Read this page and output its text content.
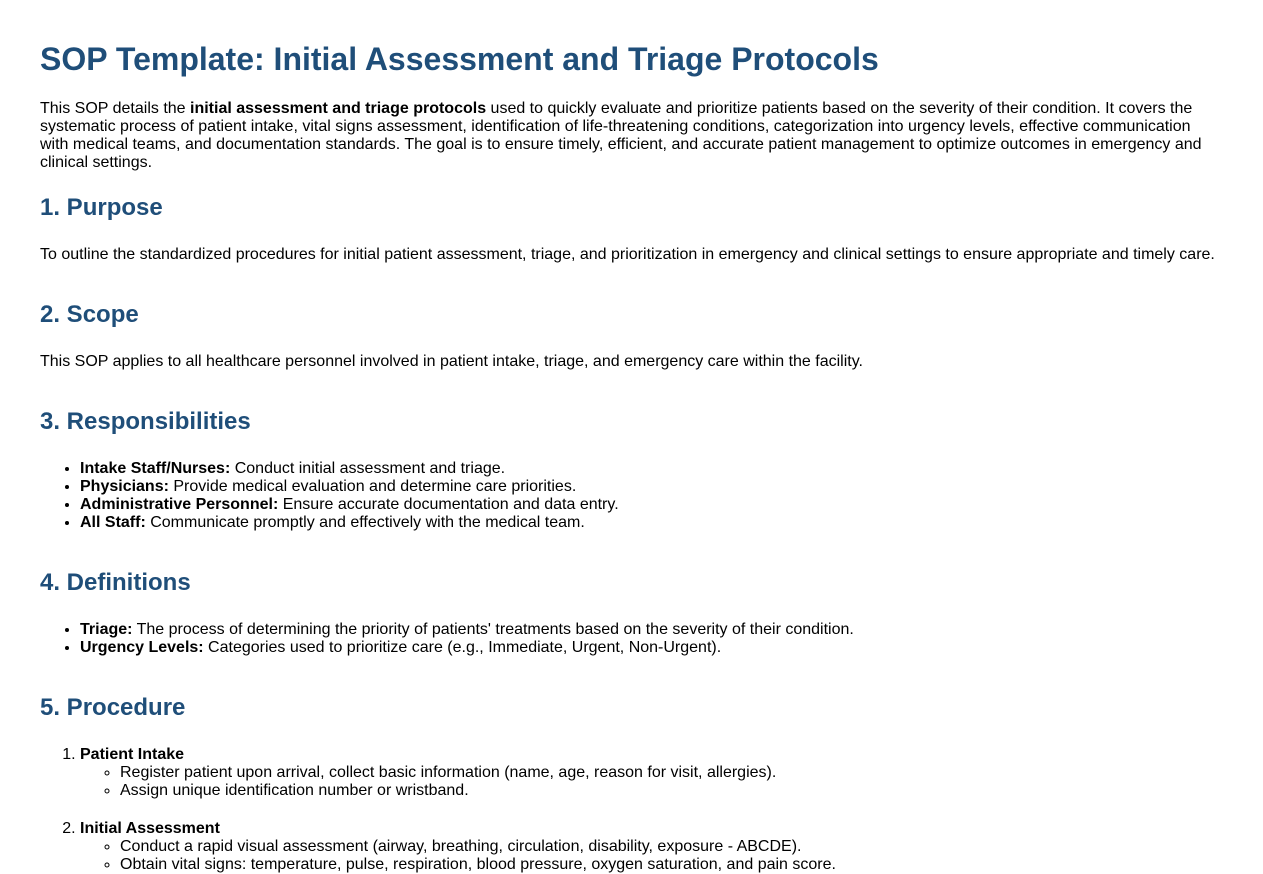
SOP Template: Initial Assessment and Triage Protocols

This SOP details the initial assessment and triage protocols used to quickly evaluate and prioritize patients based on the severity of their condition. It covers the systematic process of patient intake, vital signs assessment, identification of life-threatening conditions, categorization into urgency levels, effective communication with medical teams, and documentation standards. The goal is to ensure timely, efficient, and accurate patient management to optimize outcomes in emergency and clinical settings.

1. Purpose

To outline the standardized procedures for initial patient assessment, triage, and prioritization in emergency and clinical settings to ensure appropriate and timely care.

2. Scope

This SOP applies to all healthcare personnel involved in patient intake, triage, and emergency care within the facility.

3. Responsibilities
• Intake Staff/Nurses: Conduct initial assessment and triage.
• Physicians: Provide medical evaluation and determine care priorities.
• Administrative Personnel: Ensure accurate documentation and data entry.
• All Staff: Communicate promptly and effectively with the medical team.
4. Definitions
• Triage: The process of determining the priority of patients' treatments based on the severity of their condition.
• Urgency Levels: Categories used to prioritize care (e.g., Immediate, Urgent, Non-Urgent).
5. Procedure
1. Patient Intake
◦ Register patient upon arrival, collect basic information (name, age, reason for visit, allergies).
◦ Assign unique identification number or wristband.
2. Initial Assessment
◦ Conduct a rapid visual assessment (airway, breathing, circulation, disability, exposure - ABCDE).
◦ Obtain vital signs: temperature, pulse, respiration, blood pressure, oxygen saturation, and pain score.
